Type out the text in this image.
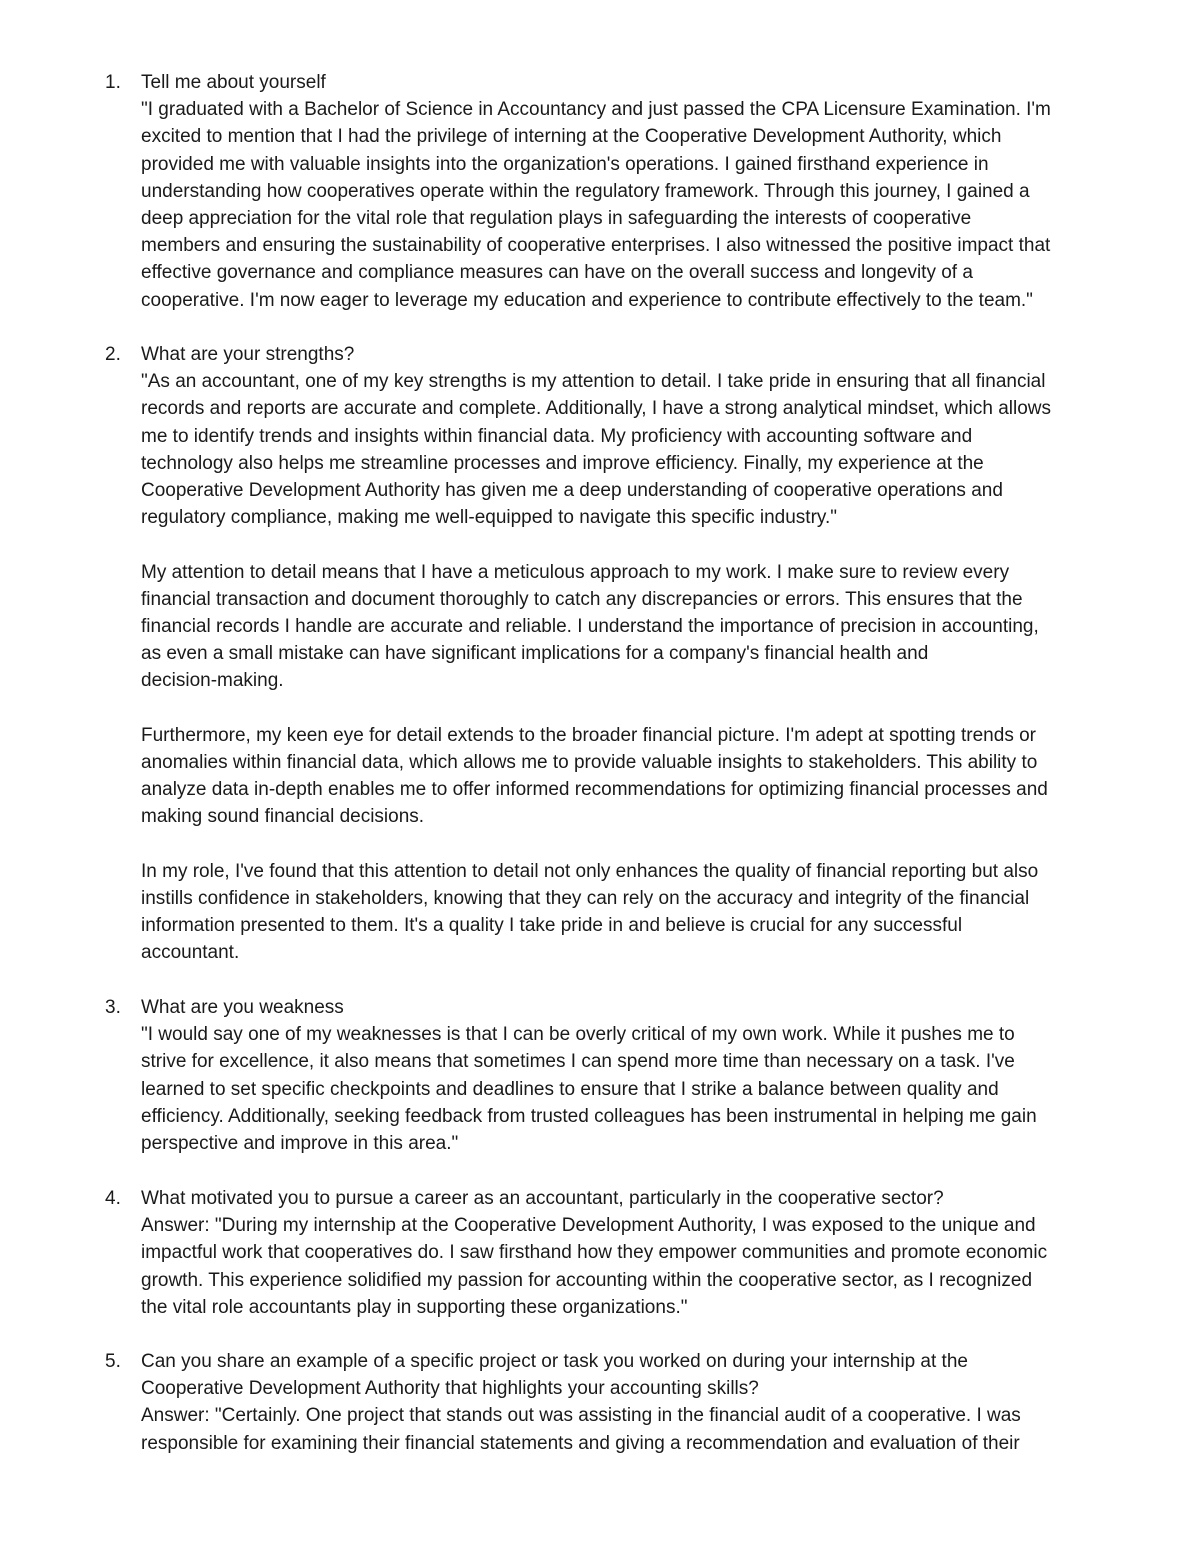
1. Tell me about yourself
"I graduated with a Bachelor of Science in Accountancy and just passed the CPA Licensure Examination. I'm
excited to mention that I had the privilege of interning at the Cooperative Development Authority, which
provided me with valuable insights into the organization's operations. I gained firsthand experience in
understanding how cooperatives operate within the regulatory framework. Through this journey, I gained a
deep appreciation for the vital role that regulation plays in safeguarding the interests of cooperative
members and ensuring the sustainability of cooperative enterprises. I also witnessed the positive impact that
effective governance and compliance measures can have on the overall success and longevity of a
cooperative. I'm now eager to leverage my education and experience to contribute effectively to the team."
2. What are your strengths?
"As an accountant, one of my key strengths is my attention to detail. I take pride in ensuring that all financial
records and reports are accurate and complete. Additionally, I have a strong analytical mindset, which allows
me to identify trends and insights within financial data. My proficiency with accounting software and
technology also helps me streamline processes and improve efficiency. Finally, my experience at the
Cooperative Development Authority has given me a deep understanding of cooperative operations and
regulatory compliance, making me well-equipped to navigate this specific industry."
My attention to detail means that I have a meticulous approach to my work. I make sure to review every
financial transaction and document thoroughly to catch any discrepancies or errors. This ensures that the
financial records I handle are accurate and reliable. I understand the importance of precision in accounting,
as even a small mistake can have significant implications for a company's financial health and
decision-making.
Furthermore, my keen eye for detail extends to the broader financial picture. I'm adept at spotting trends or
anomalies within financial data, which allows me to provide valuable insights to stakeholders. This ability to
analyze data in-depth enables me to offer informed recommendations for optimizing financial processes and
making sound financial decisions.
In my role, I've found that this attention to detail not only enhances the quality of financial reporting but also
instills confidence in stakeholders, knowing that they can rely on the accuracy and integrity of the financial
information presented to them. It's a quality I take pride in and believe is crucial for any successful
accountant.
3. What are you weakness
"I would say one of my weaknesses is that I can be overly critical of my own work. While it pushes me to
strive for excellence, it also means that sometimes I can spend more time than necessary on a task. I've
learned to set specific checkpoints and deadlines to ensure that I strike a balance between quality and
efficiency. Additionally, seeking feedback from trusted colleagues has been instrumental in helping me gain
perspective and improve in this area."
4. What motivated you to pursue a career as an accountant, particularly in the cooperative sector?
Answer: "During my internship at the Cooperative Development Authority, I was exposed to the unique and
impactful work that cooperatives do. I saw firsthand how they empower communities and promote economic
growth. This experience solidified my passion for accounting within the cooperative sector, as I recognized
the vital role accountants play in supporting these organizations."
5. Can you share an example of a specific project or task you worked on during your internship at the
Cooperative Development Authority that highlights your accounting skills?
Answer: "Certainly. One project that stands out was assisting in the financial audit of a cooperative. I was
responsible for examining their financial statements and giving a recommendation and evaluation of their
